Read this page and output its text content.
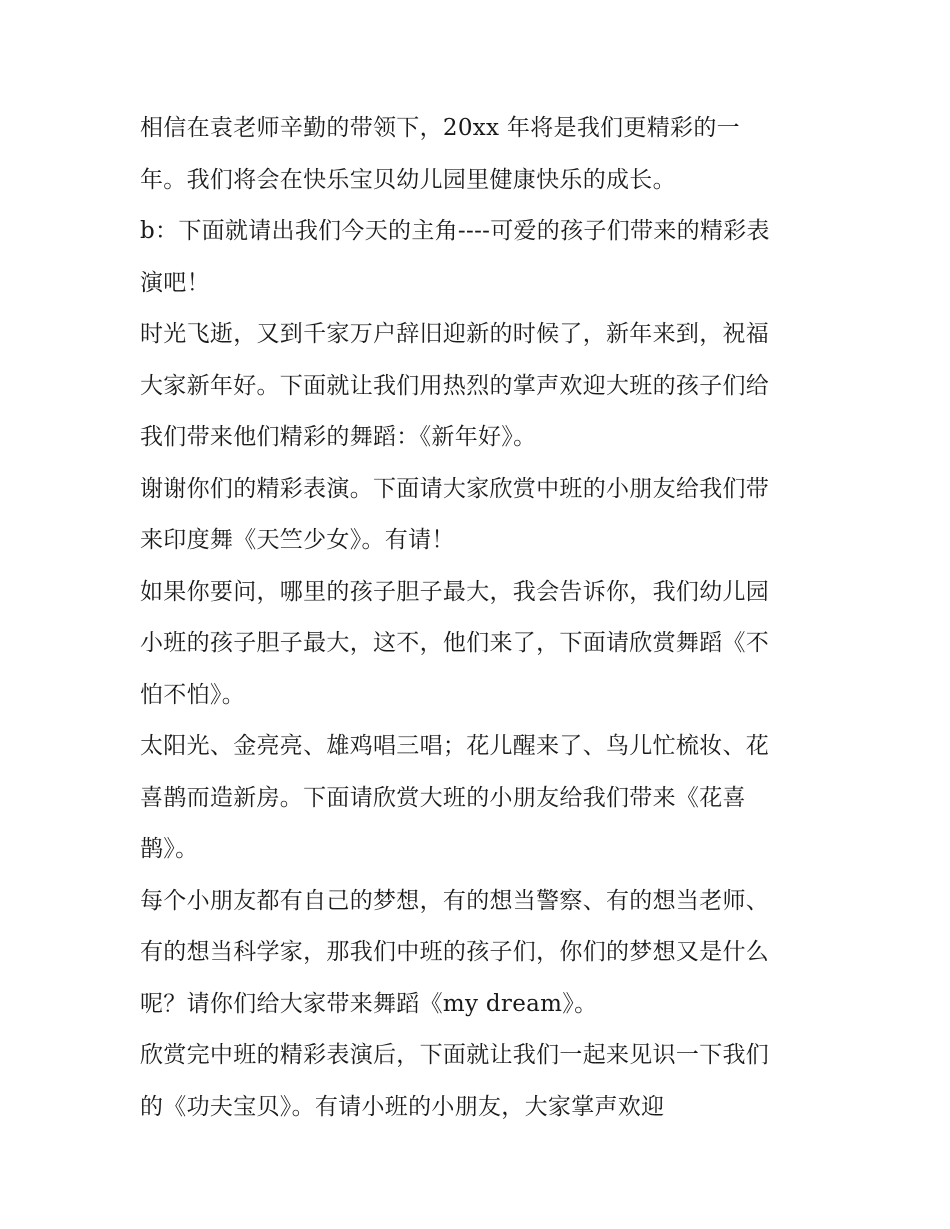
相信在袁老师辛勤的带领下，20xx 年将是我们更精彩的一
年。我们将会在快乐宝贝幼儿园里健康快乐的成长。

b：下面就请出我们今天的主角----可爱的孩子们带来的精彩表
演吧！

时光飞逝，又到千家万户辞旧迎新的时候了，新年来到，祝福
大家新年好。下面就让我们用热烈的掌声欢迎大班的孩子们给
我们带来他们精彩的舞蹈：《新年好》。

谢谢你们的精彩表演。下面请大家欣赏中班的小朋友给我们带
来印度舞《天竺少女》。有请！

如果你要问，哪里的孩子胆子最大，我会告诉你，我们幼儿园
小班的孩子胆子最大，这不，他们来了，下面请欣赏舞蹈《不
怕不怕》。

太阳光、金亮亮、雄鸡唱三唱；花儿醒来了、鸟儿忙梳妆、花
喜鹊而造新房。下面请欣赏大班的小朋友给我们带来《花喜
鹊》。

每个小朋友都有自己的梦想，有的想当警察、有的想当老师、
有的想当科学家，那我们中班的孩子们，你们的梦想又是什么
呢？请你们给大家带来舞蹈《my dream》。

欣赏完中班的精彩表演后，下面就让我们一起来见识一下我们
的《功夫宝贝》。有请小班的小朋友，大家掌声欢迎
